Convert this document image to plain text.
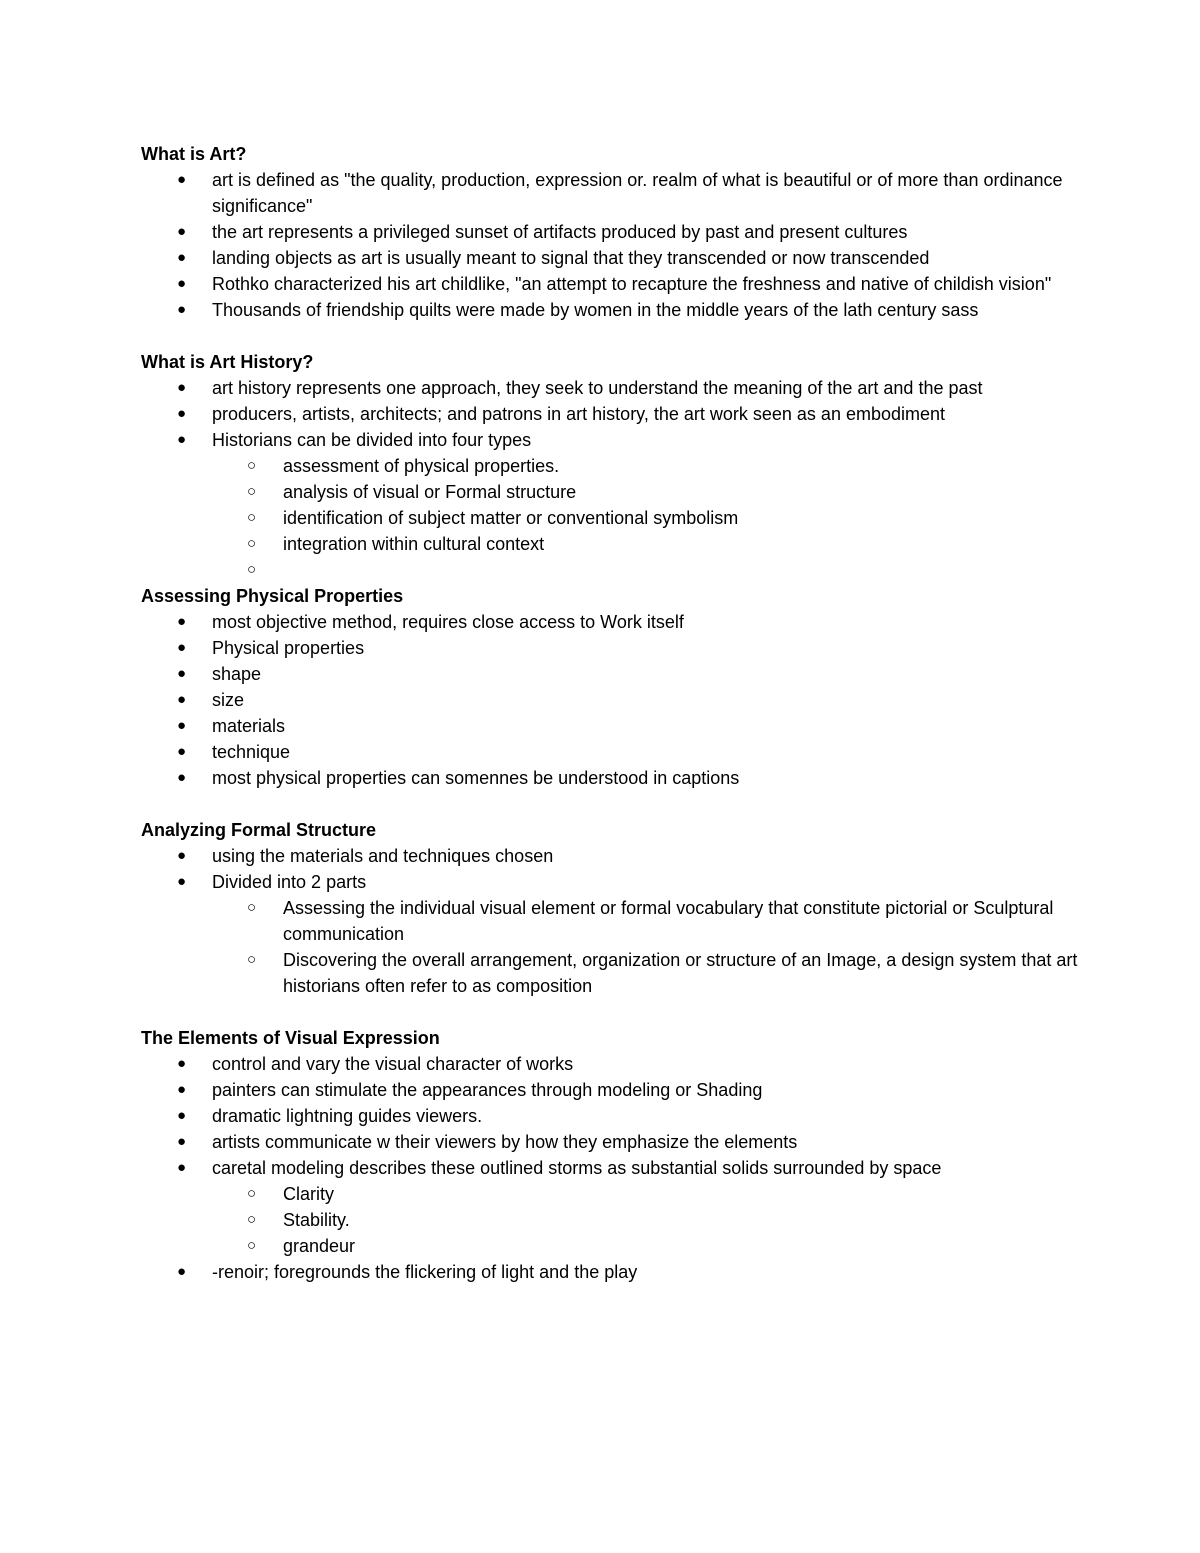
What is Art?
● art is defined as "the quality, production, expression or. realm of what is beautiful or of more than ordinance significance"
● the art represents a privileged sunset of artifacts produced by past and present cultures
● landing objects as art is usually meant to signal that they transcended or now transcended
● Rothko characterized his art childlike, "an attempt to recapture the freshness and native of childish vision"
● Thousands of friendship quilts were made by women in the middle years of the lath century sass
What is Art History?
● art history represents one approach, they seek to understand the meaning of the art and the past
● producers, artists, architects; and patrons in art history, the art work seen as an embodiment
● Historians can be divided into four types
○ assessment of physical properties.
○ analysis of visual or Formal structure
○ identification of subject matter or conventional symbolism
○ integration within cultural context
○
Assessing Physical Properties
● most objective method, requires close access to Work itself
● Physical properties
● shape
● size
● materials
● technique
● most physical properties can somennes be understood in captions
Analyzing Formal Structure
● using the materials and techniques chosen
● Divided into 2 parts
○ Assessing the individual visual element or formal vocabulary that constitute pictorial or Sculptural communication
○ Discovering the overall arrangement, organization or structure of an Image, a design system that art historians often refer to as composition
The Elements of Visual Expression
● control and vary the visual character of works
● painters can stimulate the appearances through modeling or Shading
● dramatic lightning guides viewers.
● artists communicate w their viewers by how they emphasize the elements
● caretal modeling describes these outlined storms as substantial solids surrounded by space
○ Clarity
○ Stability.
○ grandeur
● -renoir; foregrounds the flickering of light and the play
